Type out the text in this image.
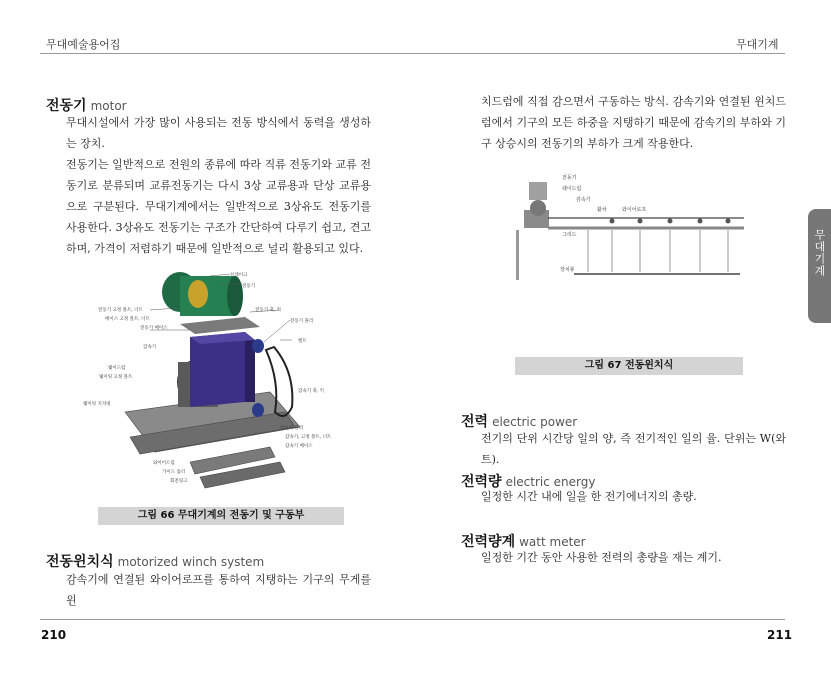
무대예술용어집	무대기계
무대기계
전동기 motor

무대시설에서 가장 많이 사용되는 전동 방식에서 동력을 생성하는 장치.

전동기는 일반적으로 전원의 종류에 따라 직류 전동기와 교류 전동기로 분류되며 교류전동기는 다시 3상 교류용과 단상 교류용으로 구분된다. 무대기계에서는 일반적으로 3상유도 전동기를 사용한다. 3상유도 전동기는 구조가 간단하여 다루기 쉽고, 견고하며, 가격이 저렴하기 때문에 일반적으로 널리 활용되고 있다.

브레이크
전동기
전동기 고정 볼트, 너트
베이스 고정 볼트, 너트
전동기 베이스
감속기
웨이드럼
웨이팅 고정 볼트
웨이팅 지지대
전동기 축, 키
전동기 풀리
벨트
감속기 축, 키
감속기 풀리
감속기, 고정 볼트, 너트
감속기 베이스
와이어드럼
가이드 롤러
회전링크
그림 66 무대기계의 전동기 및 구동부
전동윈치식 motorized winch system
감속기에 연결된 와이어로프를 통하여 지탱하는 기구의 무게를 윈
치드럼에 직접 감으면서 구동하는 방식. 감속기와 연결된 윈치드럼에서 기구의 모든 하중을 지탱하기 때문에 감속기의 부하와 기구 상승시의 전동기의 부하가 크게 작용한다.
전동기
웨이드럼
감속기
활차	와이어로프
그리드
장치봉
그림 67 전동윈치식
전력 electric power
전기의 단위 시간당 일의 양, 즉 전기적인 일의 율. 단위는 W(와트).
전력량 electric energy
일정한 시간 내에 일을 한 전기에너지의 총량.
전력량계 watt meter
일정한 기간 동안 사용한 전력의 총량을 재는 계기.
210	211
